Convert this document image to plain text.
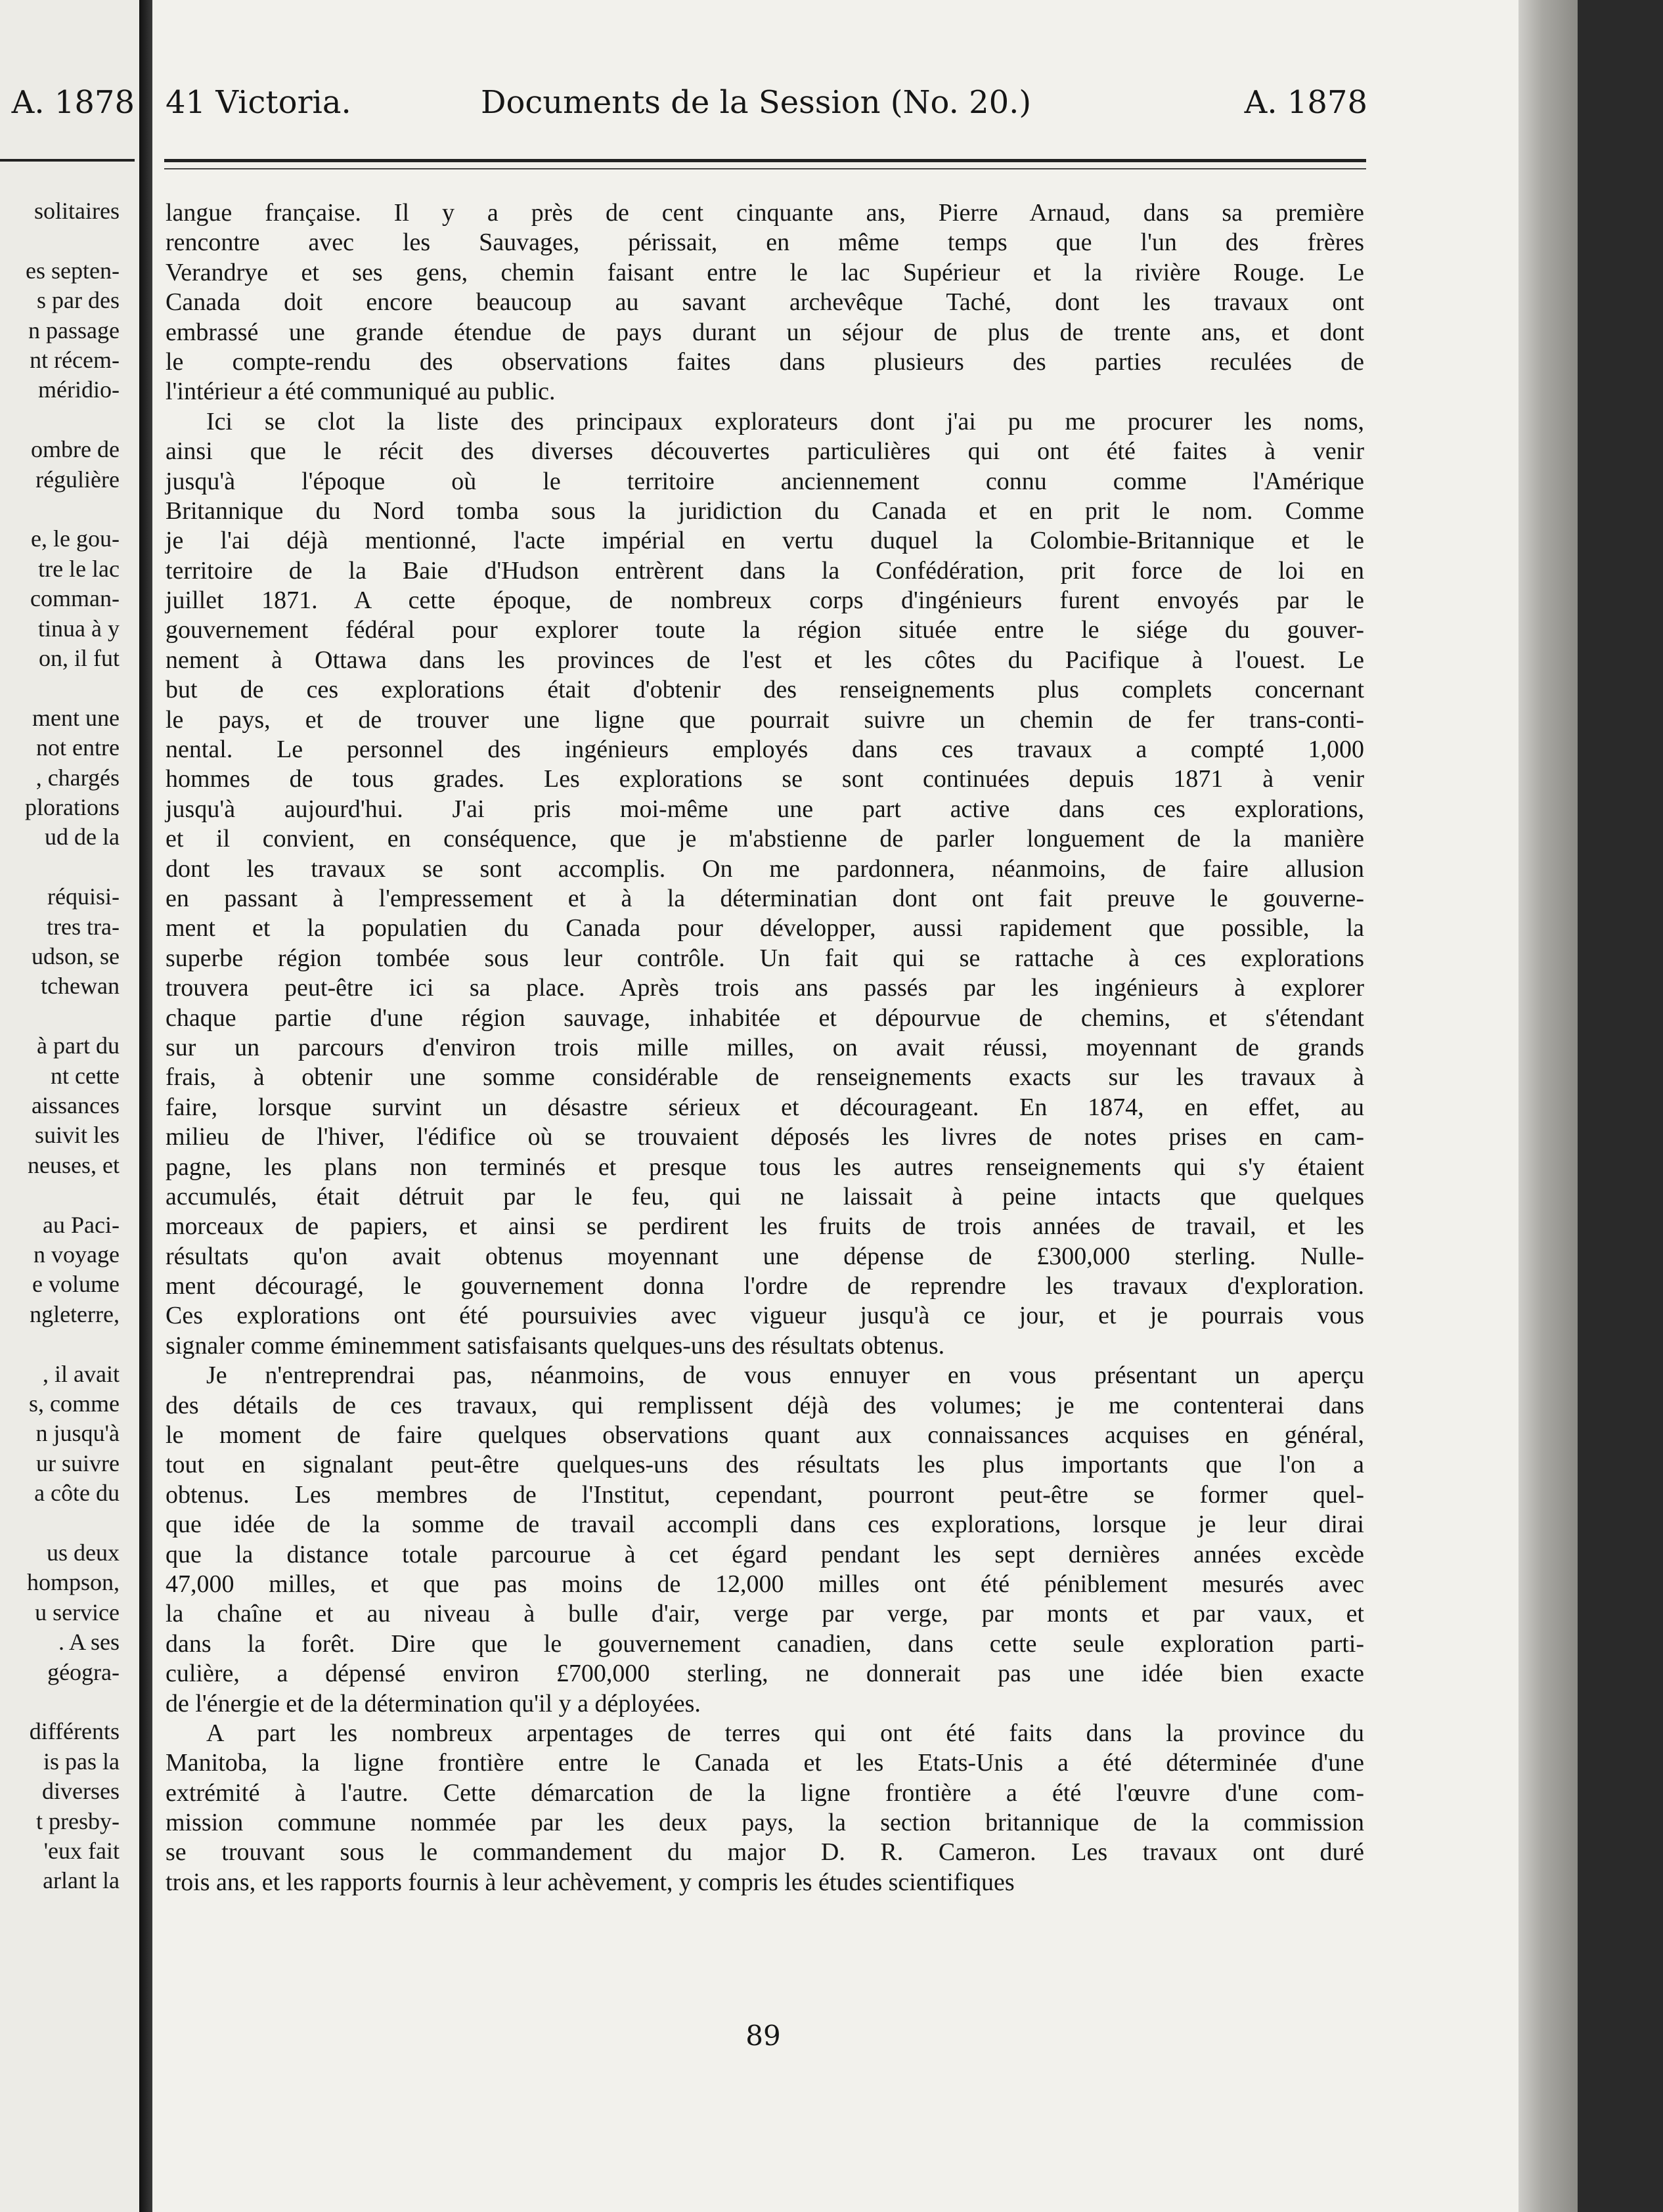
A. 1878
solitaires
es septen-
s par des
n passage
nt récem-
méridio-
ombre de
régulière
e, le gou-
tre le lac
comman-
tinua à y
on, il fut
ment une
not entre
, chargés
plorations
ud de la
réquisi-
tres tra-
udson, se
tchewan
à part du
nt cette
aissances
suivit les
neuses, et
au Paci-
n voyage
e volume
ngleterre,
, il avait
s, comme
n jusqu'à
ur suivre
a côte du
us deux
hompson,
u service
. A ses
géogra-
différents
is pas la
diverses
t presby-
'eux fait
arlant la
41 Victoria.	Documents de la Session (No. 20.)	A. 1878
langue française. Il y a près de cent cinquante ans, Pierre Arnaud, dans sa première
rencontre avec les Sauvages, périssait, en même temps que l'un des frères
Verandrye et ses gens, chemin faisant entre le lac Supérieur et la rivière Rouge. Le
Canada doit encore beaucoup au savant archevêque Taché, dont les travaux ont
embrassé une grande étendue de pays durant un séjour de plus de trente ans, et dont
le compte-rendu des observations faites dans plusieurs des parties reculées de
l'intérieur a été communiqué au public.
Ici se clot la liste des principaux explorateurs dont j'ai pu me procurer les noms,
ainsi que le récit des diverses découvertes particulières qui ont été faites à venir
jusqu'à l'époque où le territoire anciennement connu comme l'Amérique
Britannique du Nord tomba sous la juridiction du Canada et en prit le nom. Comme
je l'ai déjà mentionné, l'acte impérial en vertu duquel la Colombie-Britannique et le
territoire de la Baie d'Hudson entrèrent dans la Confédération, prit force de loi en
juillet 1871. A cette époque, de nombreux corps d'ingénieurs furent envoyés par le
gouvernement fédéral pour explorer toute la région située entre le siége du gouver-
nement à Ottawa dans les provinces de l'est et les côtes du Pacifique à l'ouest. Le
but de ces explorations était d'obtenir des renseignements plus complets concernant
le pays, et de trouver une ligne que pourrait suivre un chemin de fer trans-conti-
nental. Le personnel des ingénieurs employés dans ces travaux a compté 1,000
hommes de tous grades. Les explorations se sont continuées depuis 1871 à venir
jusqu'à aujourd'hui. J'ai pris moi-même une part active dans ces explorations,
et il convient, en conséquence, que je m'abstienne de parler longuement de la manière
dont les travaux se sont accomplis. On me pardonnera, néanmoins, de faire allusion
en passant à l'empressement et à la déterminatian dont ont fait preuve le gouverne-
ment et la populatien du Canada pour développer, aussi rapidement que possible, la
superbe région tombée sous leur contrôle. Un fait qui se rattache à ces explorations
trouvera peut-être ici sa place. Après trois ans passés par les ingénieurs à explorer
chaque partie d'une région sauvage, inhabitée et dépourvue de chemins, et s'étendant
sur un parcours d'environ trois mille milles, on avait réussi, moyennant de grands
frais, à obtenir une somme considérable de renseignements exacts sur les travaux à
faire, lorsque survint un désastre sérieux et décourageant. En 1874, en effet, au
milieu de l'hiver, l'édifice où se trouvaient déposés les livres de notes prises en cam-
pagne, les plans non terminés et presque tous les autres renseignements qui s'y étaient
accumulés, était détruit par le feu, qui ne laissait à peine intacts que quelques
morceaux de papiers, et ainsi se perdirent les fruits de trois années de travail, et les
résultats qu'on avait obtenus moyennant une dépense de £300,000 sterling. Nulle-
ment découragé, le gouvernement donna l'ordre de reprendre les travaux d'exploration.
Ces explorations ont été poursuivies avec vigueur jusqu'à ce jour, et je pourrais vous
signaler comme éminemment satisfaisants quelques-uns des résultats obtenus.
Je n'entreprendrai pas, néanmoins, de vous ennuyer en vous présentant un aperçu
des détails de ces travaux, qui remplissent déjà des volumes; je me contenterai dans
le moment de faire quelques observations quant aux connaissances acquises en général,
tout en signalant peut-être quelques-uns des résultats les plus importants que l'on a
obtenus. Les membres de l'Institut, cependant, pourront peut-être se former quel-
que idée de la somme de travail accompli dans ces explorations, lorsque je leur dirai
que la distance totale parcourue à cet égard pendant les sept dernières années excède
47,000 milles, et que pas moins de 12,000 milles ont été péniblement mesurés avec
la chaîne et au niveau à bulle d'air, verge par verge, par monts et par vaux, et
dans la forêt. Dire que le gouvernement canadien, dans cette seule exploration parti-
culière, a dépensé environ £700,000 sterling, ne donnerait pas une idée bien exacte
de l'énergie et de la détermination qu'il y a déployées.
A part les nombreux arpentages de terres qui ont été faits dans la province du
Manitoba, la ligne frontière entre le Canada et les Etats-Unis a été déterminée d'une
extrémité à l'autre. Cette démarcation de la ligne frontière a été l'œuvre d'une com-
mission commune nommée par les deux pays, la section britannique de la commission
se trouvant sous le commandement du major D. R. Cameron. Les travaux ont duré
trois ans, et les rapports fournis à leur achèvement, y compris les études scientifiques
89
